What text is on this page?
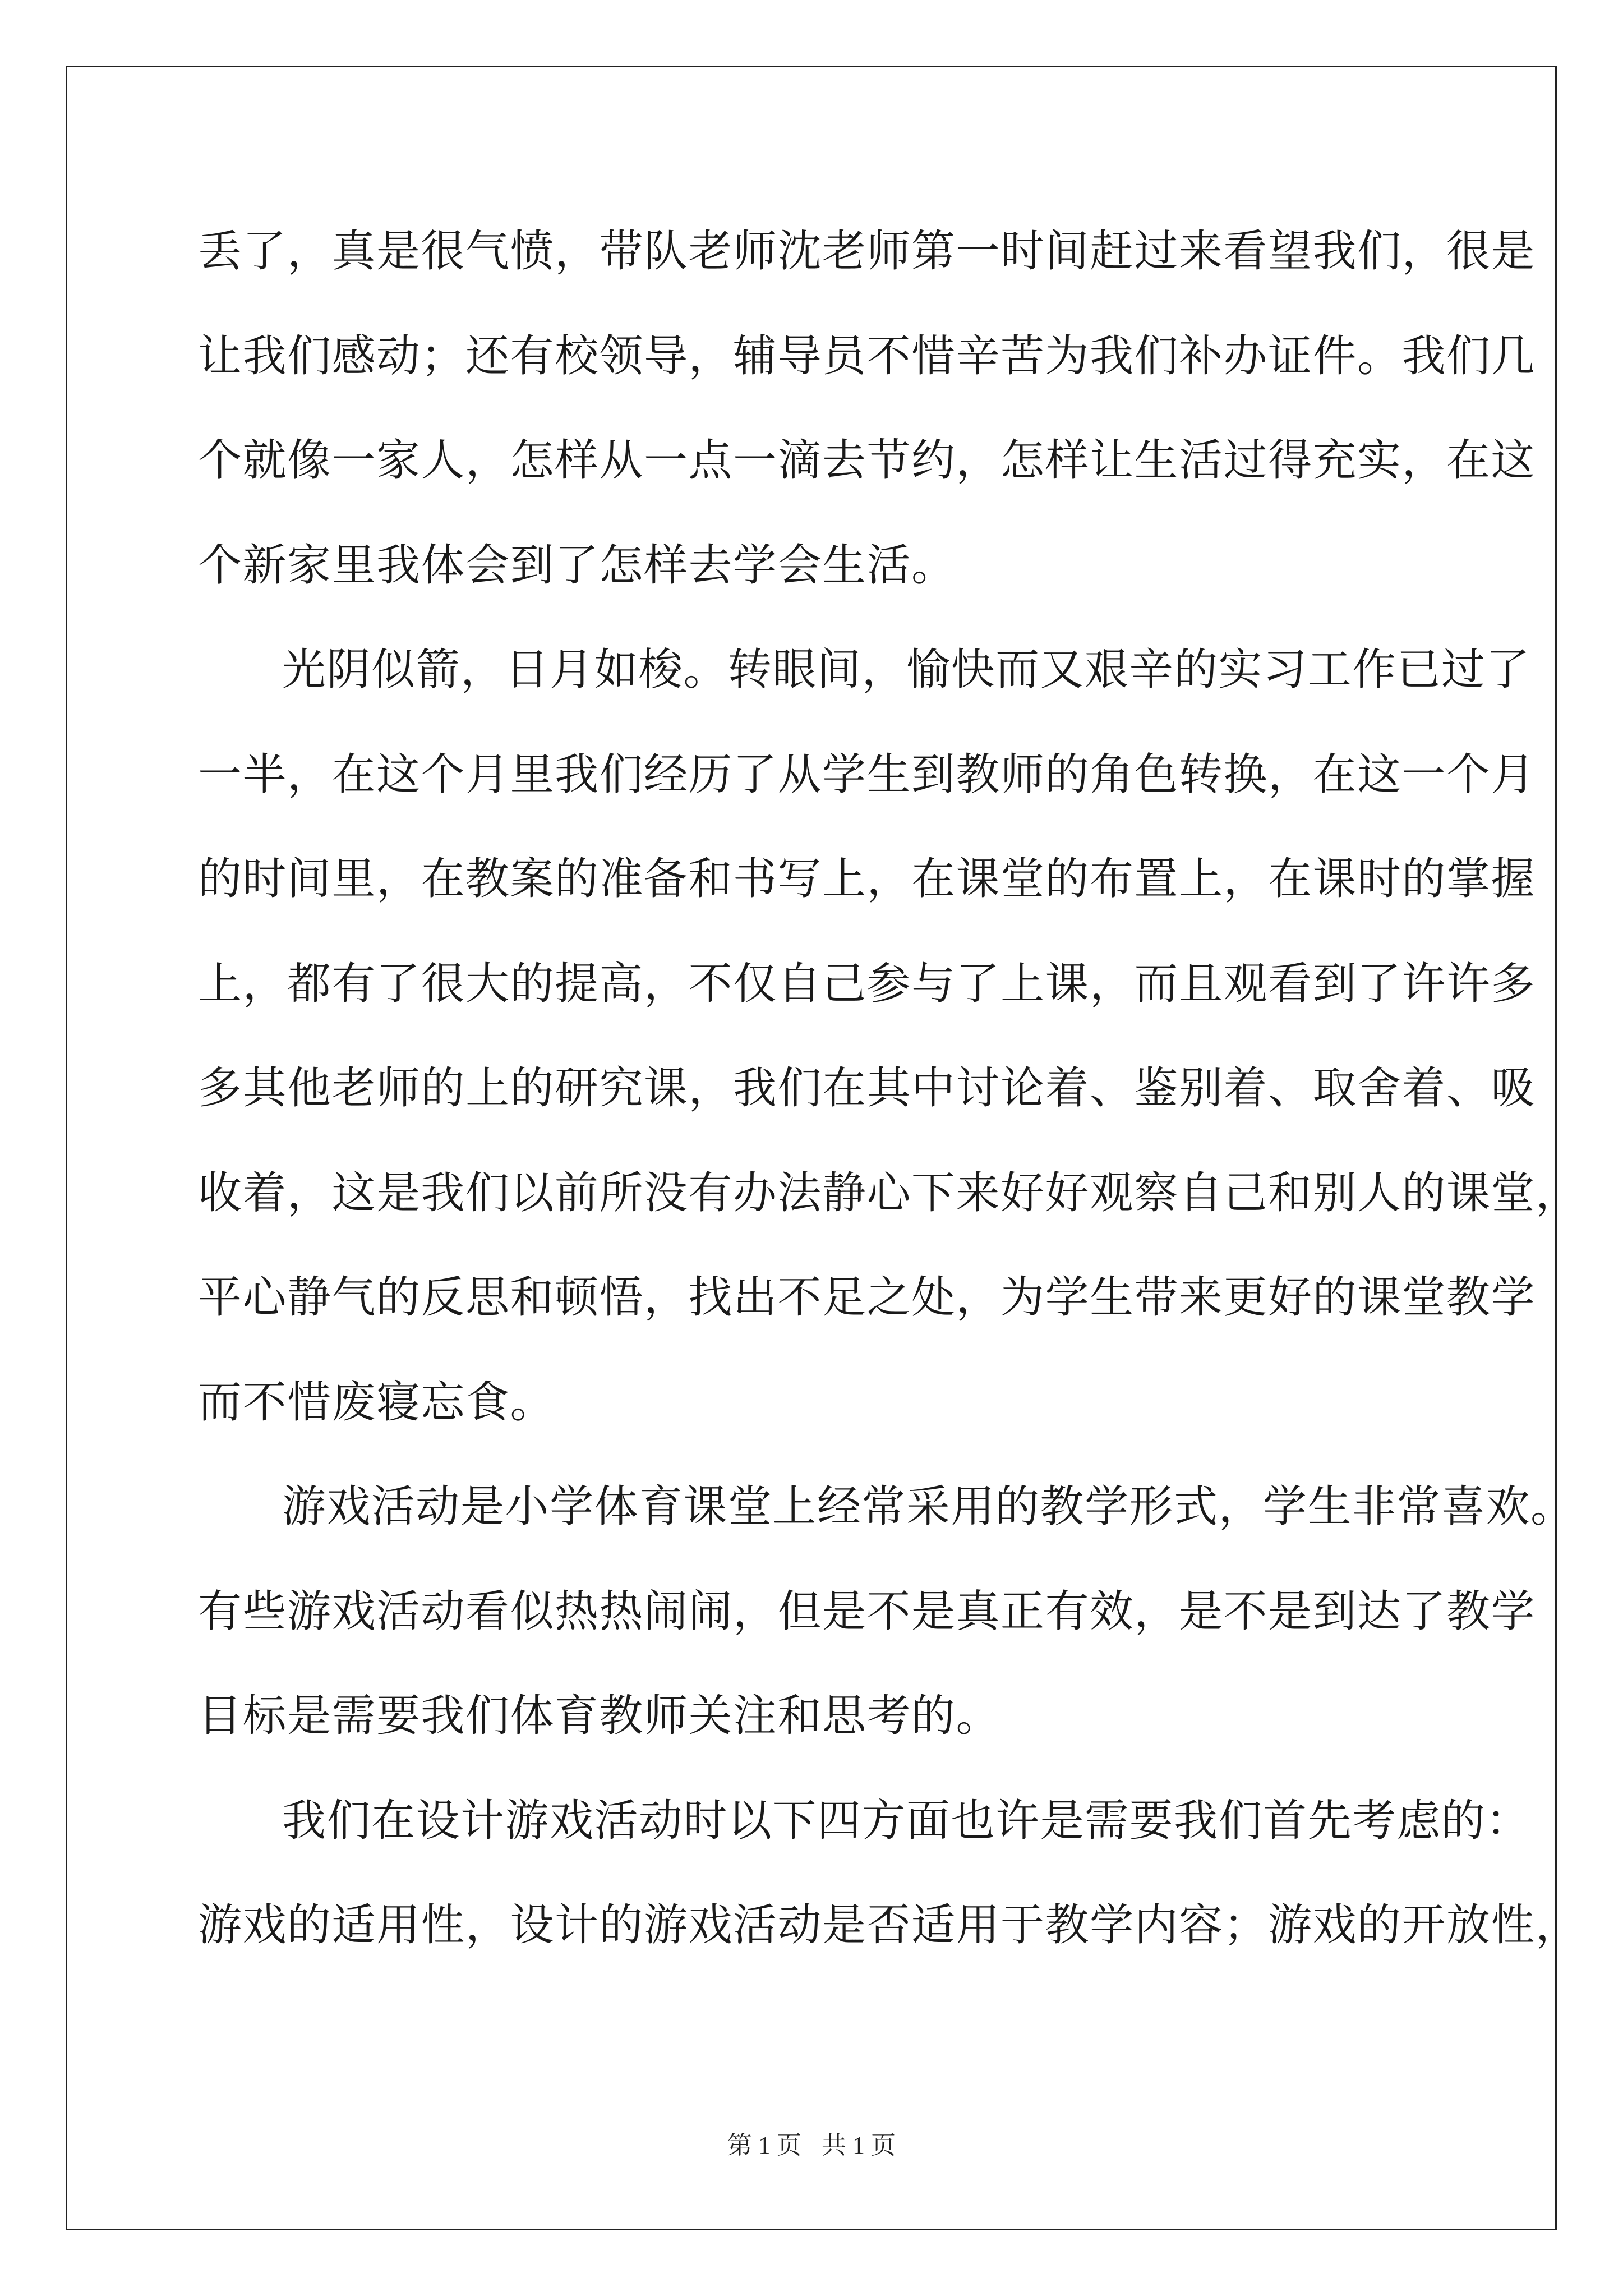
丢了，真是很气愤，带队老师沈老师第一时间赶过来看望我们，很是
让我们感动；还有校领导，辅导员不惜辛苦为我们补办证件。我们几
个就像一家人，怎样从一点一滴去节约，怎样让生活过得充实，在这
个新家里我体会到了怎样去学会生活。
光阴似箭，日月如梭。转眼间，愉快而又艰辛的实习工作已过了
一半，在这个月里我们经历了从学生到教师的角色转换，在这一个月
的时间里，在教案的准备和书写上，在课堂的布置上，在课时的掌握
上，都有了很大的提高，不仅自己参与了上课，而且观看到了许许多
多其他老师的上的研究课，我们在其中讨论着、鉴别着、取舍着、吸
收着，这是我们以前所没有办法静心下来好好观察自己和别人的课堂，
平心静气的反思和顿悟，找出不足之处，为学生带来更好的课堂教学
而不惜废寝忘食。
游戏活动是小学体育课堂上经常采用的教学形式，学生非常喜欢。
有些游戏活动看似热热闹闹，但是不是真正有效，是不是到达了教学
目标是需要我们体育教师关注和思考的。
我们在设计游戏活动时以下四方面也许是需要我们首先考虑的：
游戏的适用性，设计的游戏活动是否适用于教学内容；游戏的开放性，
第 1 页 共 1 页
